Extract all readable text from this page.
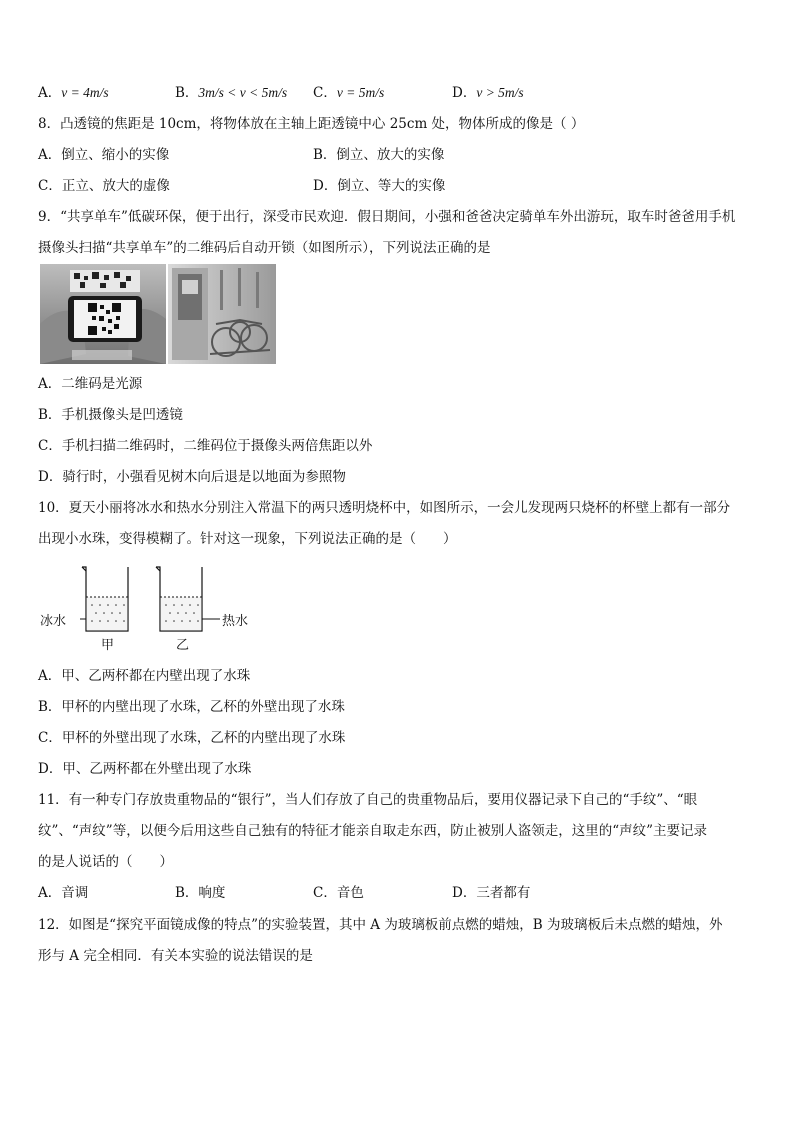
A．v = 4m/s	B．3m/s < v < 5m/s C．v = 5m/s	D．v > 5m/s
8．凸透镜的焦距是 10cm，将物体放在主轴上距透镜中心 25cm 处，物体所成的像是（ ）
A．倒立、缩小的实像	B．倒立、放大的实像
C．正立、放大的虚像	D．倒立、等大的实像
9．“共享单车”低碳环保，便于出行，深受市民欢迎．假日期间，小强和爸爸决定骑单车外出游玩，取车时爸爸用手机
摄像头扫描“共享单车”的二维码后自动开锁（如图所示），下列说法正确的是
A．二维码是光源
B．手机摄像头是凹透镜
C．手机扫描二维码时，二维码位于摄像头两倍焦距以外
D．骑行时，小强看见树木向后退是以地面为参照物
10．夏天小丽将冰水和热水分别注入常温下的两只透明烧杯中，如图所示，一会儿发现两只烧杯的杯壁上都有一部分
出现小水珠，变得模糊了。针对这一现象，下列说法正确的是（　　）
冰水	热水
甲	乙
A．甲、乙两杯都在内壁出现了水珠
B．甲杯的内壁出现了水珠，乙杯的外壁出现了水珠
C．甲杯的外壁出现了水珠，乙杯的内壁出现了水珠
D．甲、乙两杯都在外壁出现了水珠
11．有一种专门存放贵重物品的“银行”，当人们存放了自己的贵重物品后，要用仪器记录下自己的“手纹”、“眼
纹”、“声纹”等，以便今后用这些自己独有的特征才能亲自取走东西，防止被别人盗领走，这里的“声纹”主要记录
的是人说话的（　　）
A．音调	B．响度	C．音色	D．三者都有
12．如图是“探究平面镜成像的特点”的实验装置，其中 A 为玻璃板前点燃的蜡烛，B 为玻璃板后未点燃的蜡烛，外
形与 A 完全相同．有关本实验的说法错误的是
